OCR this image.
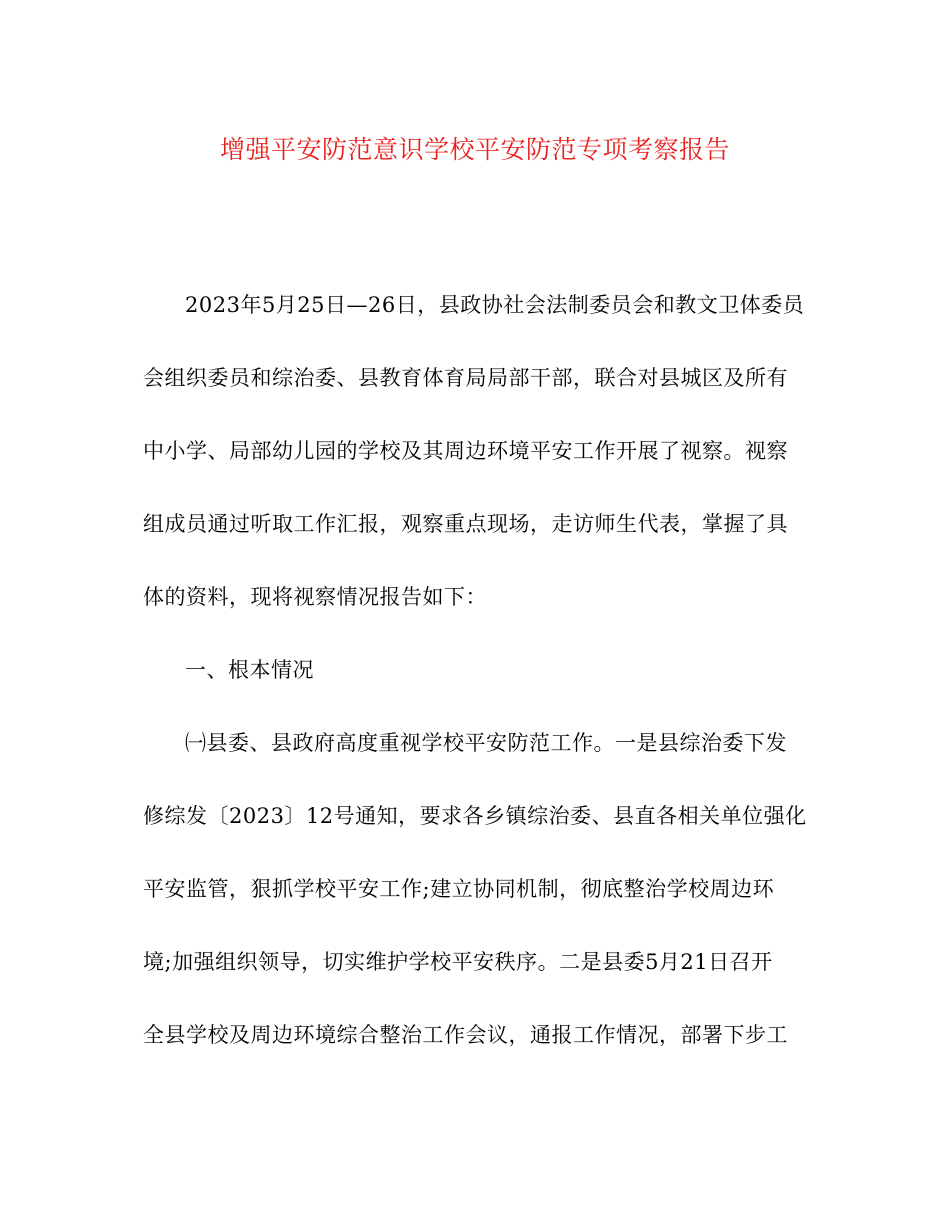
增强平安防范意识学校平安防范专项考察报告

2023年5月25日—26日，县政协社会法制委员会和教文卫体委员

会组织委员和综治委、县教育体育局局部干部，联合对县城区及所有

中小学、局部幼儿园的学校及其周边环境平安工作开展了视察。视察

组成员通过听取工作汇报，观察重点现场，走访师生代表，掌握了具

体的资料，现将视察情况报告如下：

一、根本情况

㈠县委、县政府高度重视学校平安防范工作。一是县综治委下发

修综发〔2023〕12号通知，要求各乡镇综治委、县直各相关单位强化

平安监管，狠抓学校平安工作;建立协同机制，彻底整治学校周边环

境;加强组织领导，切实维护学校平安秩序。二是县委5月21日召开

全县学校及周边环境综合整治工作会议，通报工作情况，部署下步工
